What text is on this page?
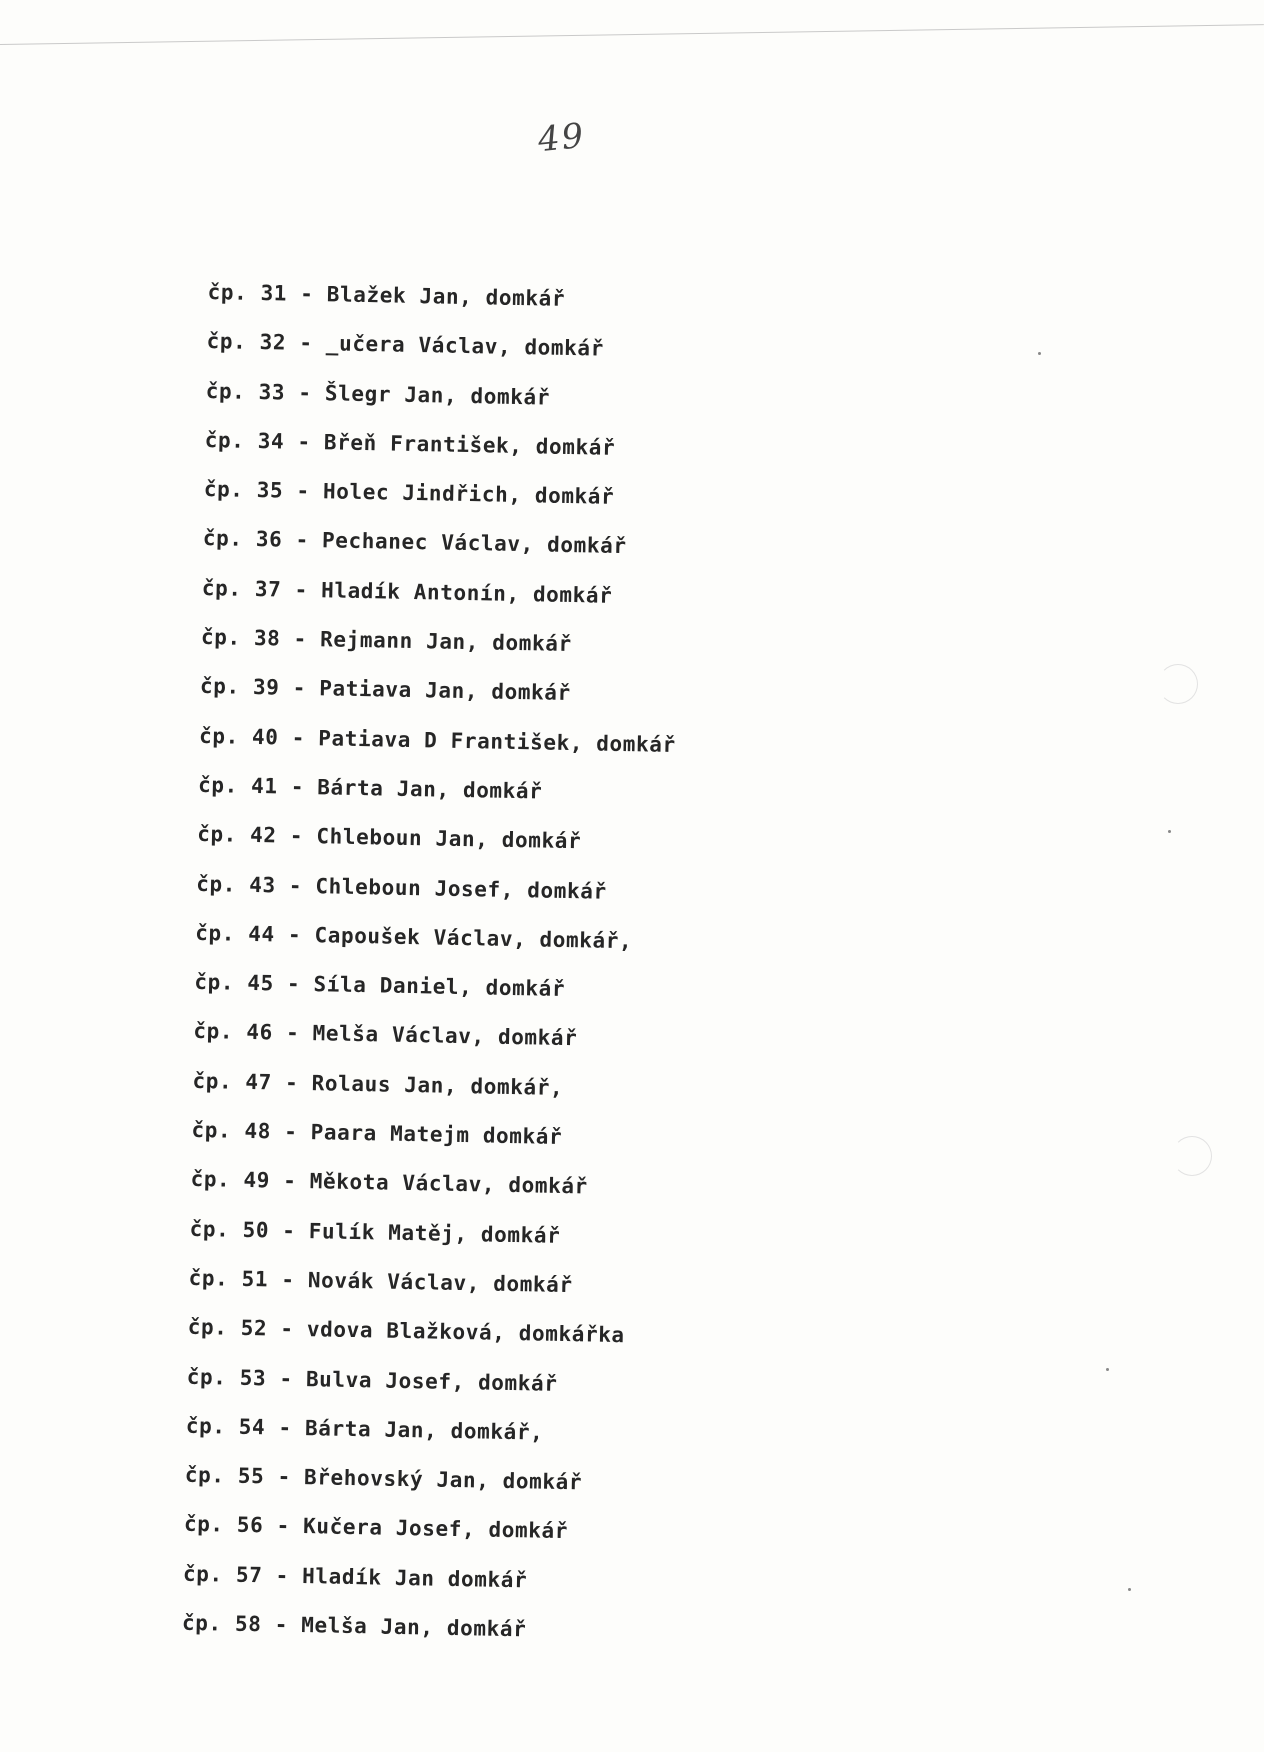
49
čp. 31 - Blažek Jan, domkář
čp. 32 - _učera Václav, domkář
čp. 33 - Šlegr Jan, domkář
čp. 34 - Břeň František, domkář
čp. 35 - Holec Jindřich, domkář
čp. 36 - Pechanec Václav, domkář
čp. 37 - Hladík Antonín, domkář
čp. 38 - Rejmann Jan, domkář
čp. 39 - Patiava Jan, domkář
čp. 40 - Patiava D František, domkář
čp. 41 - Bárta Jan, domkář
čp. 42 - Chleboun Jan, domkář
čp. 43 - Chleboun Josef, domkář
čp. 44 - Capoušek Václav, domkář,
čp. 45 - Síla Daniel, domkář
čp. 46 - Melša Václav, domkář
čp. 47 - Rolaus Jan, domkář,
čp. 48 - Paara Matejm domkář
čp. 49 - Měkota Václav, domkář
čp. 50 - Fulík Matěj, domkář
čp. 51 - Novák Václav, domkář
čp. 52 - vdova Blažková, domkářka
čp. 53 - Bulva Josef, domkář
čp. 54 - Bárta Jan, domkář,
čp. 55 - Břehovský Jan, domkář
čp. 56 - Kučera Josef, domkář
čp. 57 - Hladík Jan domkář
čp. 58 - Melša Jan, domkář
